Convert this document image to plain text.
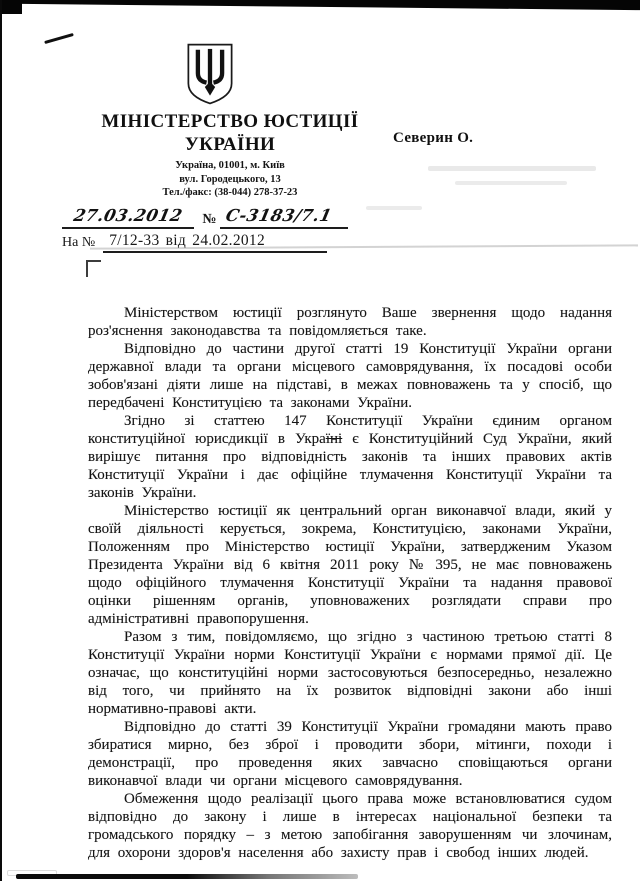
МІНІСТЕРСТВО ЮСТИЦІЇ
УКРАЇНИ
Україна, 01001, м. Київ
вул. Городецького, 13
Тел./факс: (38-044) 278-37-23
Северин О.
27.03.2012	№ С-3183/7.1
На № 7/12-33 від 24.02.2012

Міністерством юстиції розглянуто Ваше звернення щодо надання роз'яснення законодавства та повідомляється таке.

Відповідно до частини другої статті 19 Конституції України органи державної влади та органи місцевого самоврядування, їх посадові особи зобов'язані діяти лише на підставі, в межах повноважень та у спосіб, що передбачені Конституцією та законами України.

Згідно зі статтею 147 Конституції України єдиним органом конституційної юрисдикції в Україні є Конституційний Суд України, який вирішує питання про відповідність законів та інших правових актів Конституції України і дає офіційне тлумачення Конституції України та законів України.

Міністерство юстиції як центральний орган виконавчої влади, який у своїй діяльності керується, зокрема, Конституцією, законами України, Положенням про Міністерство юстиції України, затвердженим Указом Президента України від 6 квітня 2011 року № 395, не має повноважень щодо офіційного тлумачення Конституції України та надання правової оцінки рішенням органів, уповноважених розглядати справи про адміністративні правопорушення.

Разом з тим, повідомляємо, що згідно з частиною третьою статті 8 Конституції України норми Конституції України є нормами прямої дії. Це означає, що конституційні норми застосовуються безпосередньо, незалежно від того, чи прийнято на їх розвиток відповідні закони або інші нормативно-правові акти.

Відповідно до статті 39 Конституції України громадяни мають право збиратися мирно, без зброї і проводити збори, мітинги, походи і демонстрації, про проведення яких завчасно сповіщаються органи виконавчої влади чи органи місцевого самоврядування.

Обмеження щодо реалізації цього права може встановлюватися судом відповідно до закону і лише в інтересах національної безпеки та громадського порядку – з метою запобігання заворушенням чи злочинам, для охорони здоров'я населення або захисту прав і свобод інших людей.
